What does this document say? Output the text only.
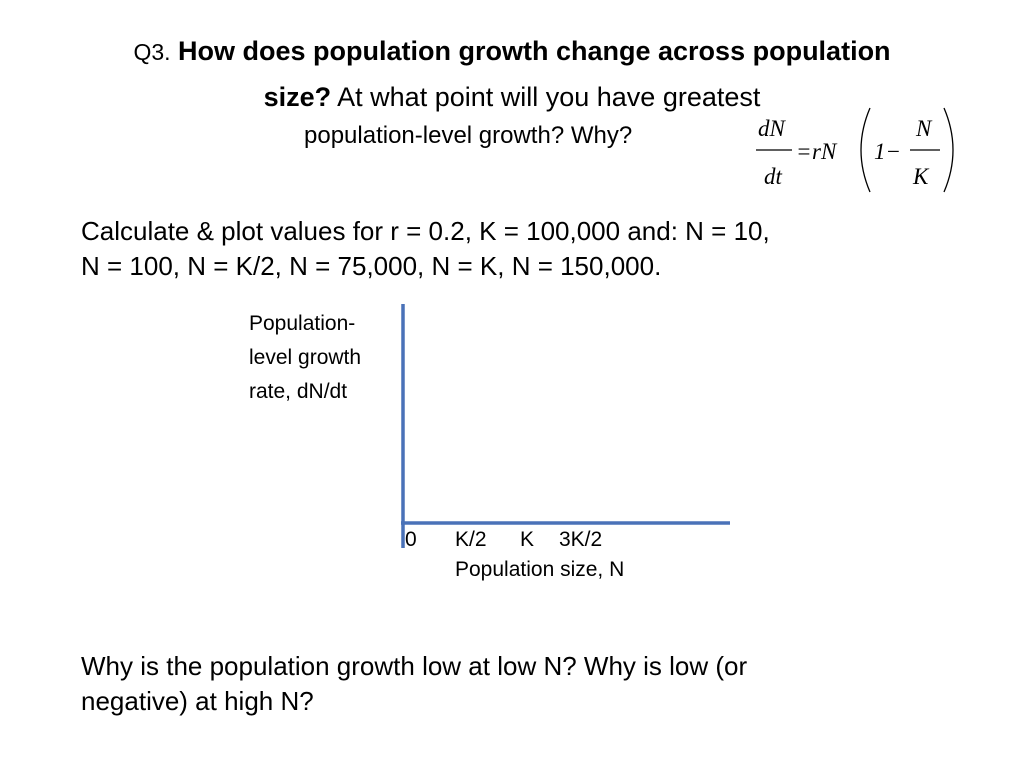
Q3. How does population growth change across population
size? At what point will you have greatest
population-level growth? Why?	dN
dt
= rN 1−
N
K
Calculate & plot values for r = 0.2, K = 100,000 and: N = 10,
N = 100, N = K/2, N = 75,000, N = K, N = 150,000.
Population-
level growth
rate, dN/dt
0 K/2 K 3K/2
Population size, N
Why is the population growth low at low N? Why is low (or
negative) at high N?
